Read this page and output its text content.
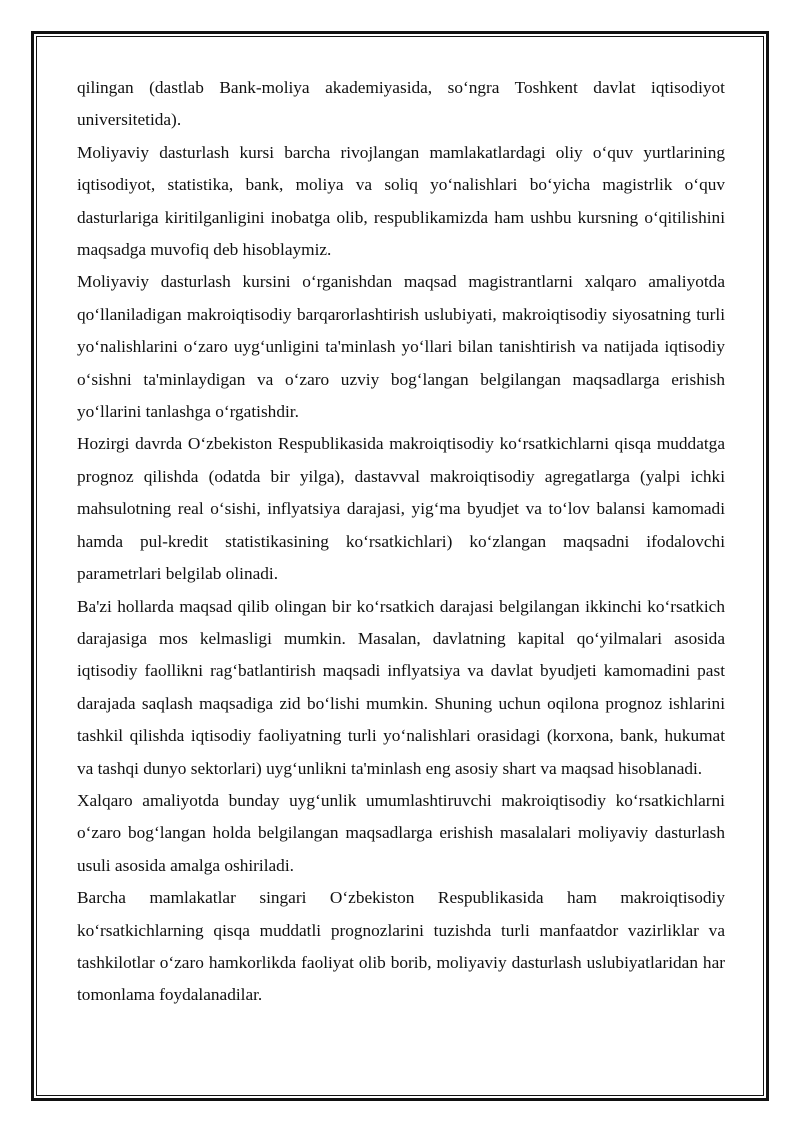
qilingan (dastlab Bank-moliya akademiyasida, so‘ngra Toshkent davlat iqtisodiyot universitetida).

Moliyaviy dasturlash kursi barcha rivojlangan mamlakatlardagi oliy o‘quv yurtlarining iqtisodiyot, statistika, bank, moliya va soliq yo‘nalishlari bo‘yicha magistrlik o‘quv dasturlariga kiritilganligini inobatga olib, respublikamizda ham ushbu kursning o‘qitilishini maqsadga muvofiq deb hisoblaymiz.

Moliyaviy dasturlash kursini o‘rganishdan maqsad magistrantlarni xalqaro amaliyotda qo‘llaniladigan makroiqtisodiy barqarorlashtirish uslubiyati, makroiqtisodiy siyosatning turli yo‘nalishlarini o‘zaro uyg‘unligini ta'minlash yo‘llari bilan tanishtirish va natijada iqtisodiy o‘sishni ta'minlaydigan va o‘zaro uzviy bog‘langan belgilangan maqsadlarga erishish yo‘llarini tanlashga o‘rgatishdir.

Hozirgi davrda O‘zbekiston Respublikasida makroiqtisodiy ko‘rsatkichlarni qisqa muddatga prognoz qilishda (odatda bir yilga), dastavval makroiqtisodiy agregatlarga (yalpi ichki mahsulotning real o‘sishi, inflyatsiya darajasi, yig‘ma byudjet va to‘lov balansi kamomadi hamda pul-kredit statistikasining ko‘rsatkichlari) ko‘zlangan maqsadni ifodalovchi parametrlari belgilab olinadi.

Ba'zi hollarda maqsad qilib olingan bir ko‘rsatkich darajasi belgilangan ikkinchi ko‘rsatkich darajasiga mos kelmasligi mumkin. Masalan, davlatning kapital qo‘yilmalari asosida iqtisodiy faollikni rag‘batlantirish maqsadi inflyatsiya va davlat byudjeti kamomadini past darajada saqlash maqsadiga zid bo‘lishi mumkin. Shuning uchun oqilona prognoz ishlarini tashkil qilishda iqtisodiy faoliyatning turli yo‘nalishlari orasidagi (korxona, bank, hukumat va tashqi dunyo sektorlari) uyg‘unlikni ta'minlash eng asosiy shart va maqsad hisoblanadi.

Xalqaro amaliyotda bunday uyg‘unlik umumlashtiruvchi makroiqtisodiy ko‘rsatkichlarni o‘zaro bog‘langan holda belgilangan maqsadlarga erishish masalalari moliyaviy dasturlash usuli asosida amalga oshiriladi.

Barcha mamlakatlar singari O‘zbekiston Respublikasida ham makroiqtisodiy ko‘rsatkichlarning qisqa muddatli prognozlarini tuzishda turli manfaatdor vazirliklar va tashkilotlar o‘zaro hamkorlikda faoliyat olib borib, moliyaviy dasturlash uslubiyatlaridan har tomonlama foydalanadilar.
